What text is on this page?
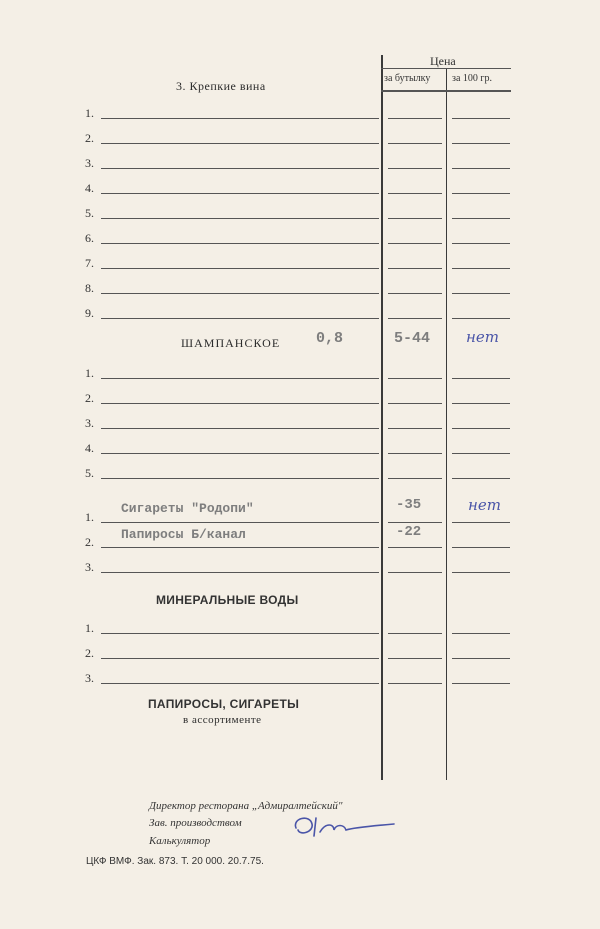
Цена
за бутылку за 100 гр.
3. Крепкие вина
1.
2.
3.
4.
5.
6.
7.
8.
9.
ШАМПАНСКОЕ 0,8	5-44 нет
1.
2.
3.
4.
5.
Сигареты "Родопи"	-35	нет
Папиросы Б/канал	-22
1.
2.
3.
МИНЕРАЛЬНЫЕ ВОДЫ
1.
2.
3.
ПАПИРОСЫ, СИГАРЕТЫ
в ассортименте
Директор ресторана „Адмиралтейский"
Зав. производством
Калькулятор
ЦКФ ВМФ. Зак. 873. Т. 20 000. 20.7.75.
